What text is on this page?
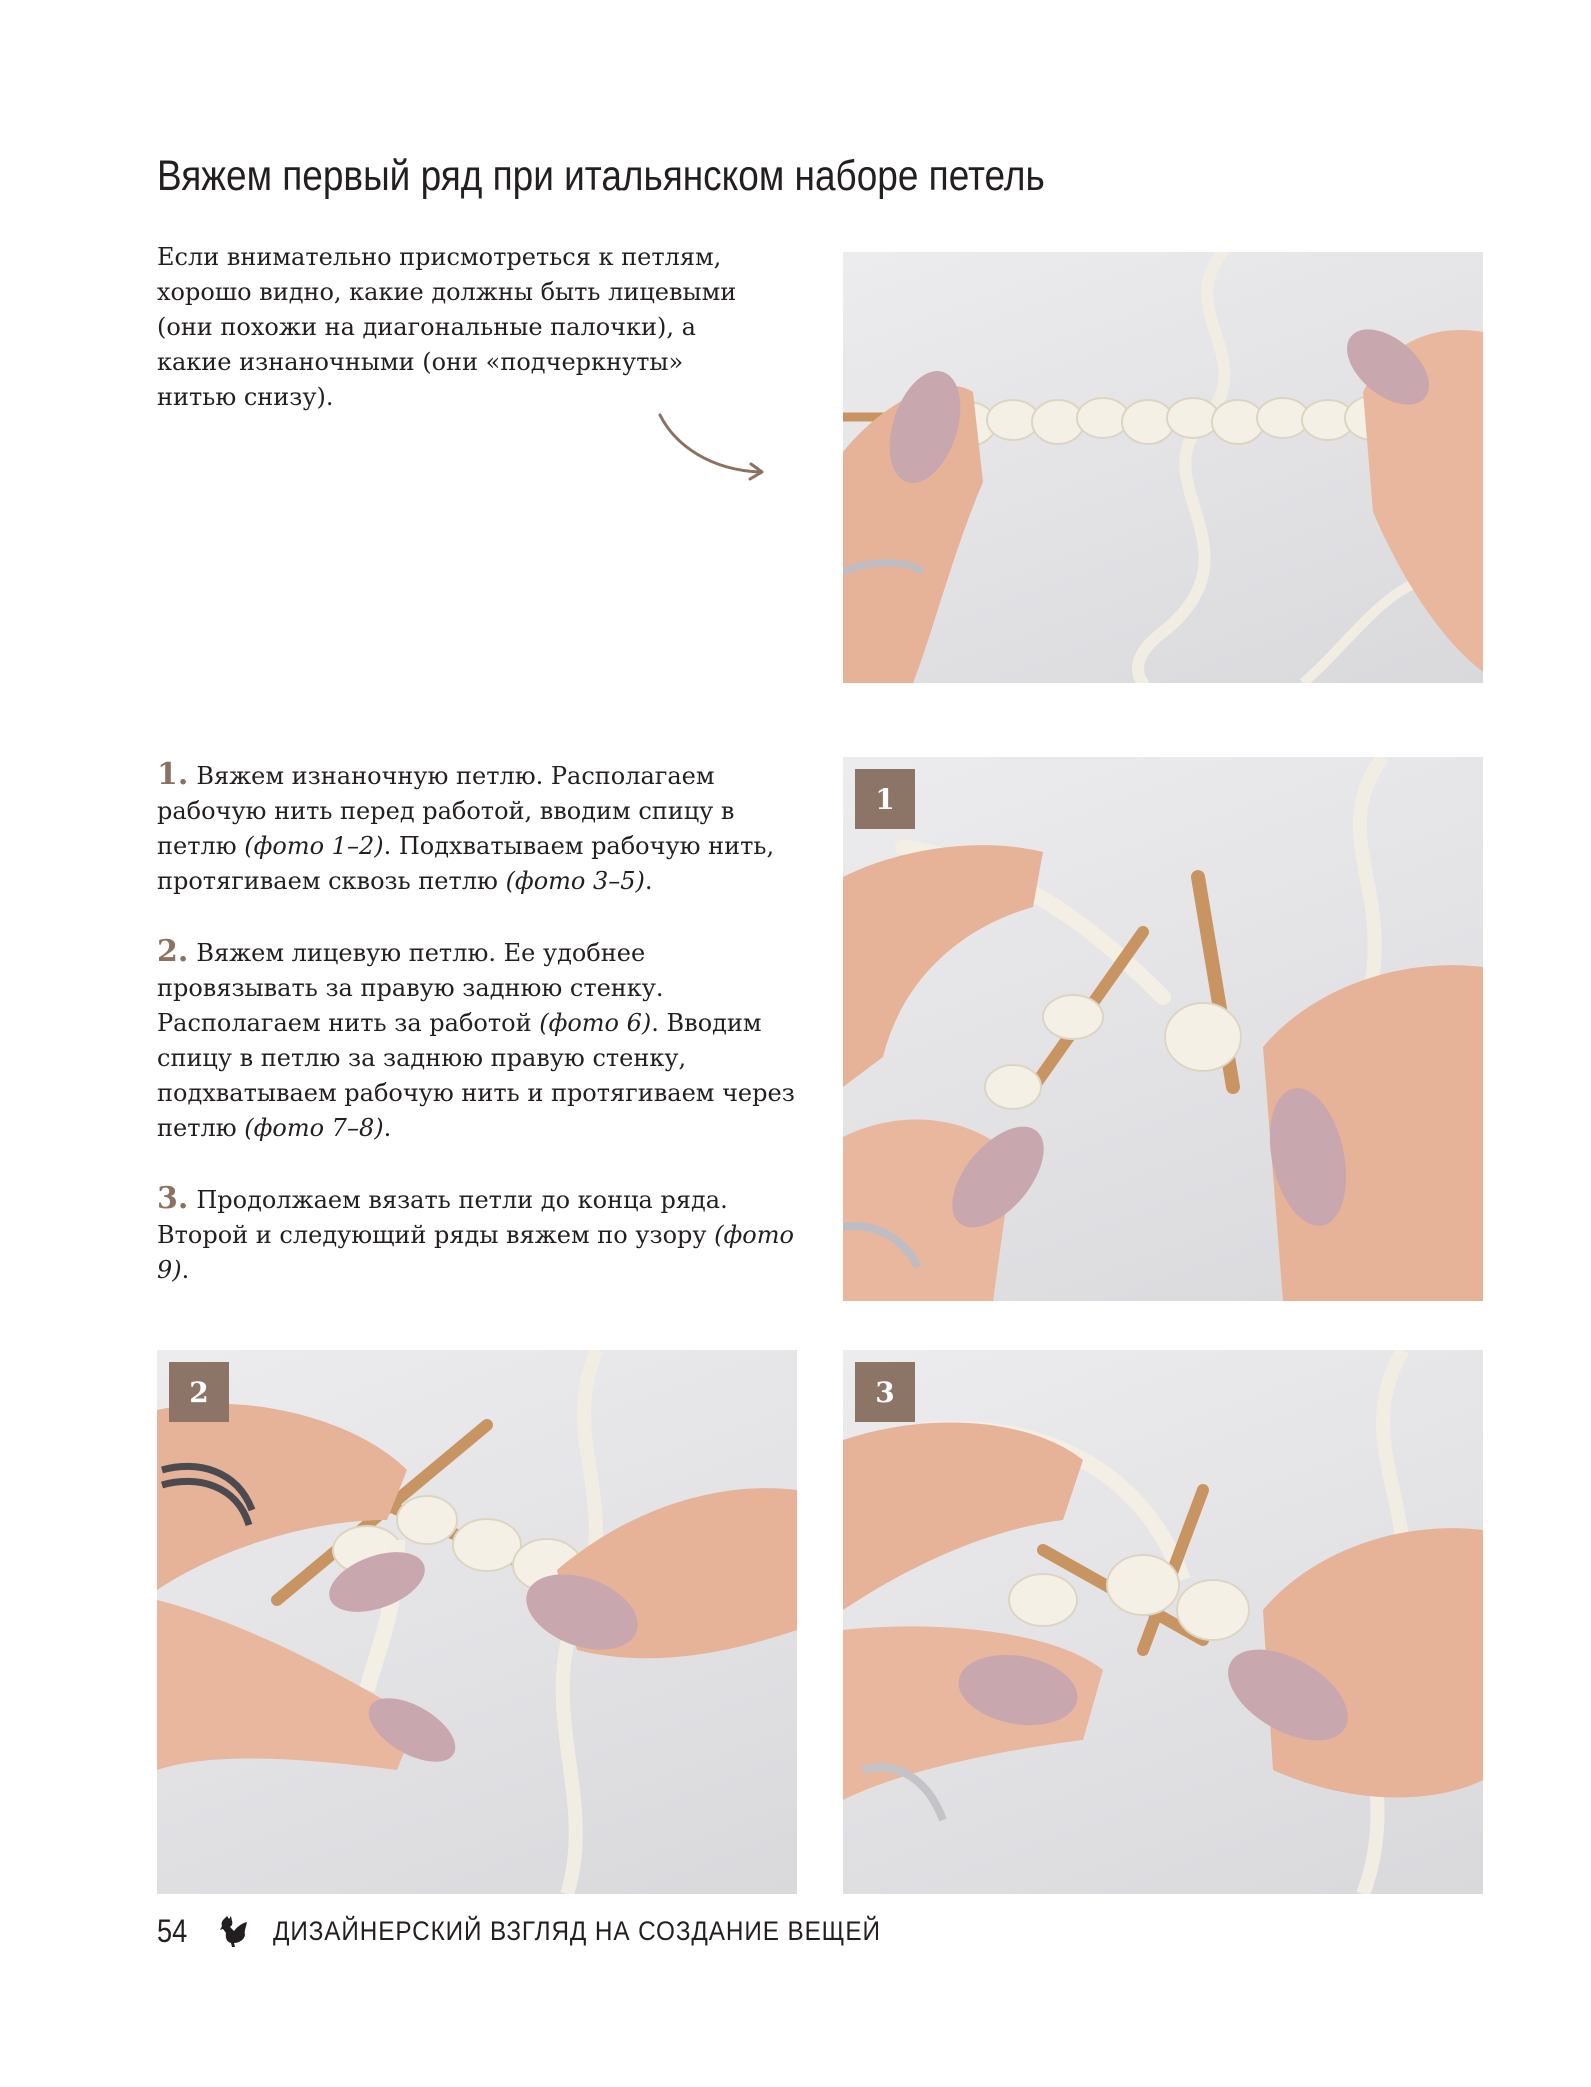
Вяжем первый ряд при итальянском наборе петель

Если внимательно присмотреться к петлям, хорошо видно, какие должны быть лицевыми (они похожи на диагональные палочки), а какие изнаночными (они «подчеркнуты» нитью снизу).

1. Вяжем изнаночную петлю. Располагаем рабочую нить перед работой, вводим спицу в петлю (фото 1–2). Подхватываем рабочую нить, протягиваем сквозь петлю (фото 3–5).

2. Вяжем лицевую петлю. Ее удобнее провязывать за правую заднюю стенку. Располагаем нить за работой (фото 6). Вводим спицу в петлю за заднюю правую стенку, подхватываем рабочую нить и протягиваем через петлю (фото 7–8).

3. Продолжаем вязать петли до конца ряда. Второй и следующий ряды вяжем по узору (фото 9).

1
2	3
54	ДИЗАЙНЕРСКИЙ ВЗГЛЯД НА СОЗДАНИЕ ВЕЩЕЙ
